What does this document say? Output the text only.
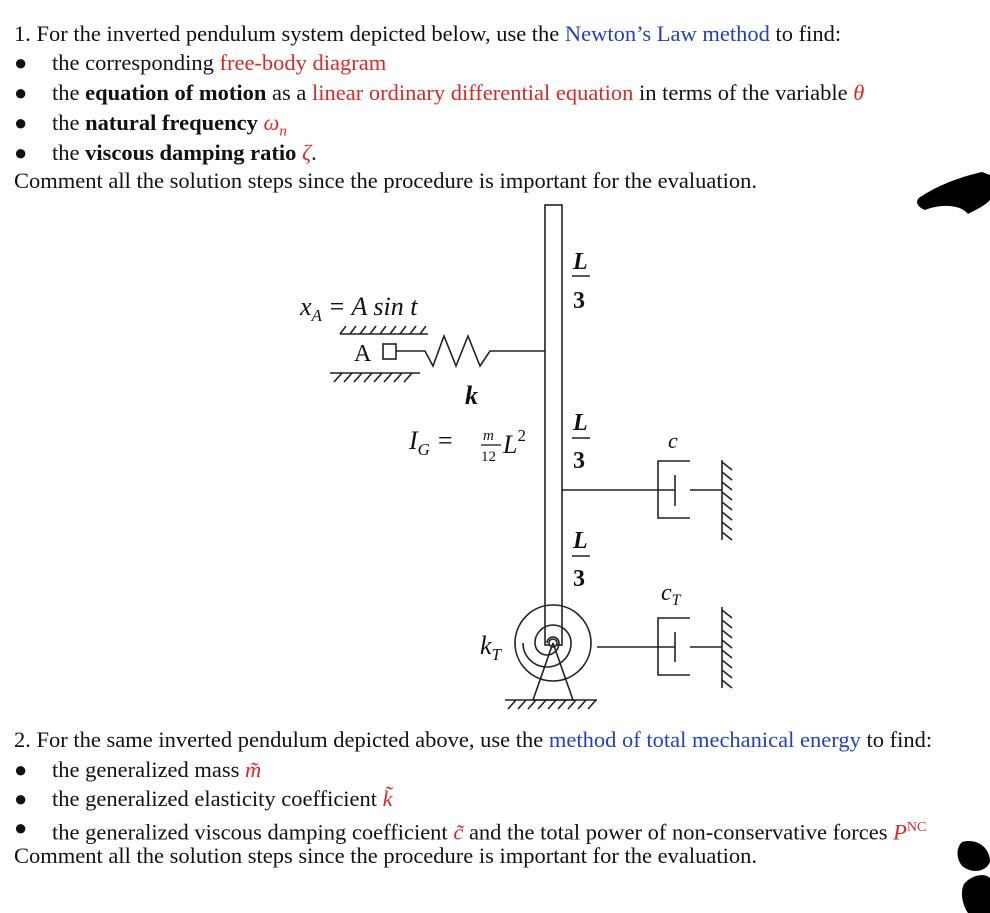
1. For the inverted pendulum system depicted below, use the Newton’s Law method to find:
●	the corresponding free-body diagram
●	the equation of motion as a linear ordinary differential equation in terms of the variable θ
●	the natural frequency $\omega_n$
●	the viscous damping ratio ζ.
Comment all the solution steps since the procedure is important for the evaluation.
$x_A = A$ sin t
A
k
$I_G = m$
12 $L^2$
L
3
L
3
L
3
c
$c_T$
$k_T$
2. For the same inverted pendulum depicted above, use the method of total mechanical energy to find:
●	the generalized mass m̃
●	the generalized elasticity coefficient k̃
●	the generalized viscous damping coefficient c̃ and the total power of non-conservative forces $P^{NC}$
Comment all the solution steps since the procedure is important for the evaluation.
